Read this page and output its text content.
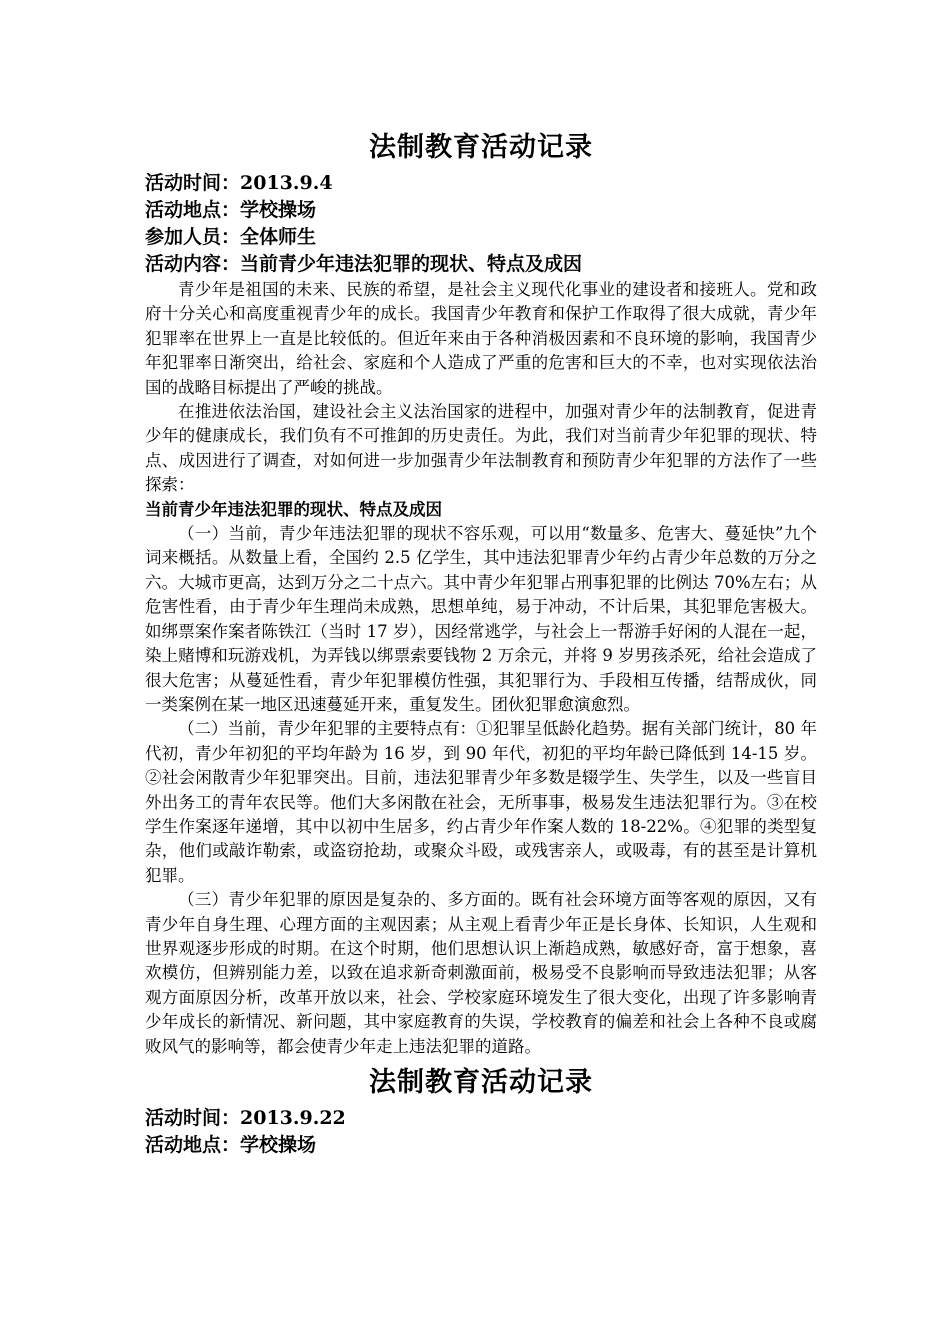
法制教育活动记录
活动时间：2013.9.4
活动地点：学校操场
参加人员：全体师生
活动内容：当前青少年违法犯罪的现状、特点及成因

青少年是祖国的未来、民族的希望，是社会主义现代化事业的建设者和接班人。党和政府十分关心和高度重视青少年的成长。我国青少年教育和保护工作取得了很大成就，青少年犯罪率在世界上一直是比较低的。但近年来由于各种消极因素和不良环境的影响，我国青少年犯罪率日渐突出，给社会、家庭和个人造成了严重的危害和巨大的不幸，也对实现依法治国的战略目标提出了严峻的挑战。

在推进依法治国，建设社会主义法治国家的进程中，加强对青少年的法制教育，促进青少年的健康成长，我们负有不可推卸的历史责任。为此，我们对当前青少年犯罪的现状、特点、成因进行了调查，对如何进一步加强青少年法制教育和预防青少年犯罪的方法作了一些探索：

当前青少年违法犯罪的现状、特点及成因

（一）当前，青少年违法犯罪的现状不容乐观，可以用“数量多、危害大、蔓延快”九个词来概括。从数量上看，全国约 2.5 亿学生，其中违法犯罪青少年约占青少年总数的万分之六。大城市更高，达到万分之二十点六。其中青少年犯罪占刑事犯罪的比例达 70%左右；从危害性看，由于青少年生理尚未成熟，思想单纯，易于冲动，不计后果，其犯罪危害极大。如绑票案作案者陈铁江（当时 17 岁），因经常逃学，与社会上一帮游手好闲的人混在一起，染上赌博和玩游戏机，为弄钱以绑票索要钱物 2 万余元，并将 9 岁男孩杀死，给社会造成了很大危害；从蔓延性看，青少年犯罪模仿性强，其犯罪行为、手段相互传播，结帮成伙，同一类案例在某一地区迅速蔓延开来，重复发生。团伙犯罪愈演愈烈。

（二）当前，青少年犯罪的主要特点有：①犯罪呈低龄化趋势。据有关部门统计，80 年代初，青少年初犯的平均年龄为 16 岁，到 90 年代，初犯的平均年龄已降低到 14-15 岁。②社会闲散青少年犯罪突出。目前，违法犯罪青少年多数是辍学生、失学生，以及一些盲目外出务工的青年农民等。他们大多闲散在社会，无所事事，极易发生违法犯罪行为。③在校学生作案逐年递增，其中以初中生居多，约占青少年作案人数的 18-22%。④犯罪的类型复杂，他们或敲诈勒索，或盗窃抢劫，或聚众斗殴，或残害亲人，或吸毒，有的甚至是计算机犯罪。

（三）青少年犯罪的原因是复杂的、多方面的。既有社会环境方面等客观的原因，又有青少年自身生理、心理方面的主观因素；从主观上看青少年正是长身体、长知识，人生观和世界观逐步形成的时期。在这个时期，他们思想认识上渐趋成熟，敏感好奇，富于想象，喜欢模仿，但辨别能力差，以致在追求新奇刺激面前，极易受不良影响而导致违法犯罪；从客观方面原因分析，改革开放以来，社会、学校家庭环境发生了很大变化，出现了许多影响青少年成长的新情况、新问题，其中家庭教育的失误，学校教育的偏差和社会上各种不良或腐败风气的影响等，都会使青少年走上违法犯罪的道路。

法制教育活动记录
活动时间：2013.9.22
活动地点：学校操场
